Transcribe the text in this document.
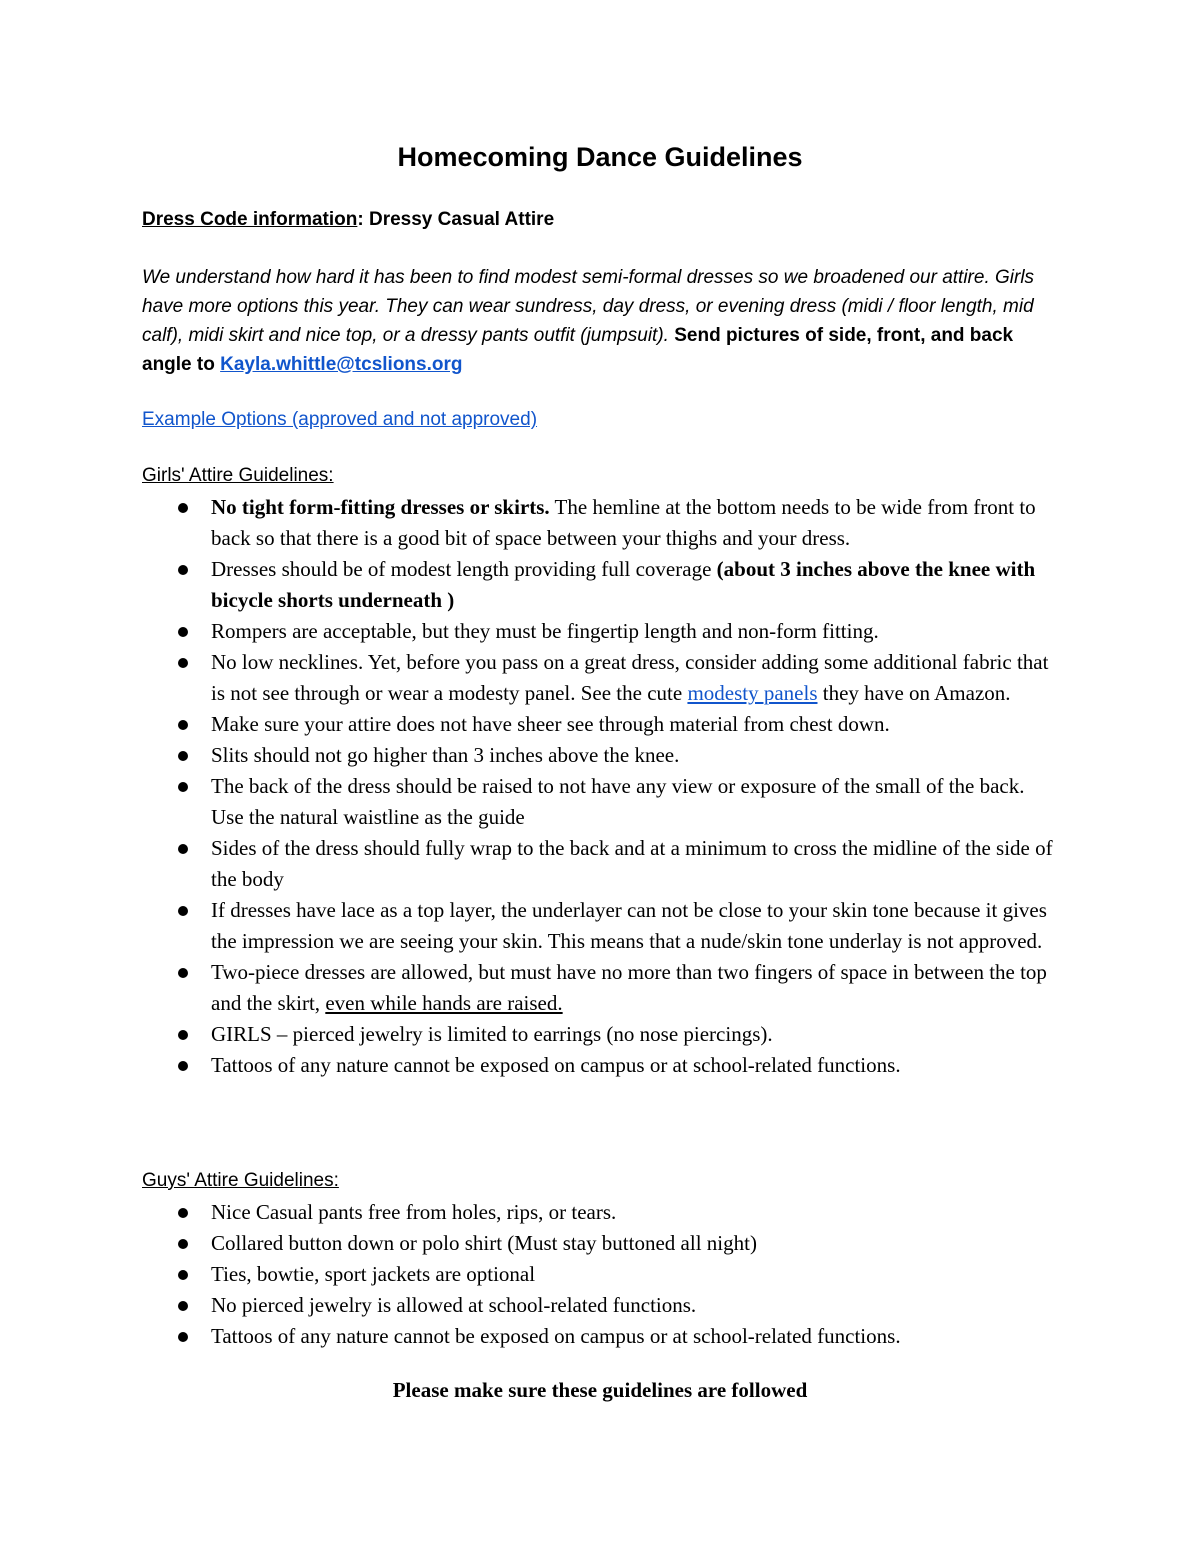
Homecoming Dance Guidelines
Dress Code information: Dressy Casual Attire
We understand how hard it has been to find modest semi-formal dresses so we broadened our attire. Girls have more options this year. They can wear sundress, day dress, or evening dress (midi / floor length, mid calf), midi skirt and nice top, or a dressy pants outfit (jumpsuit). Send pictures of side, front, and back angle to Kayla.whittle@tcslions.org
Example Options (approved and not approved)
Girls' Attire Guidelines:
No tight form-fitting dresses or skirts. The hemline at the bottom needs to be wide from front to back so that there is a good bit of space between your thighs and your dress.
Dresses should be of modest length providing full coverage (about 3 inches above the knee with bicycle shorts underneath )
Rompers are acceptable, but they must be fingertip length and non-form fitting.
No low necklines. Yet, before you pass on a great dress, consider adding some additional fabric that is not see through or wear a modesty panel. See the cute modesty panels they have on Amazon.
Make sure your attire does not have sheer see through material from chest down.
Slits should not go higher than 3 inches above the knee.
The back of the dress should be raised to not have any view or exposure of the small of the back. Use the natural waistline as the guide
Sides of the dress should fully wrap to the back and at a minimum to cross the midline of the side of the body
If dresses have lace as a top layer, the underlayer can not be close to your skin tone because it gives the impression we are seeing your skin. This means that a nude/skin tone underlay is not approved.
Two-piece dresses are allowed, but must have no more than two fingers of space in between the top and the skirt, even while hands are raised.
GIRLS – pierced jewelry is limited to earrings (no nose piercings).
Tattoos of any nature cannot be exposed on campus or at school-related functions.
Guys' Attire Guidelines:
Nice Casual pants free from holes, rips, or tears.
Collared button down or polo shirt (Must stay buttoned all night)
Ties, bowtie, sport jackets are optional
No pierced jewelry is allowed at school-related functions.
Tattoos of any nature cannot be exposed on campus or at school-related functions.
Please make sure these guidelines are followed
